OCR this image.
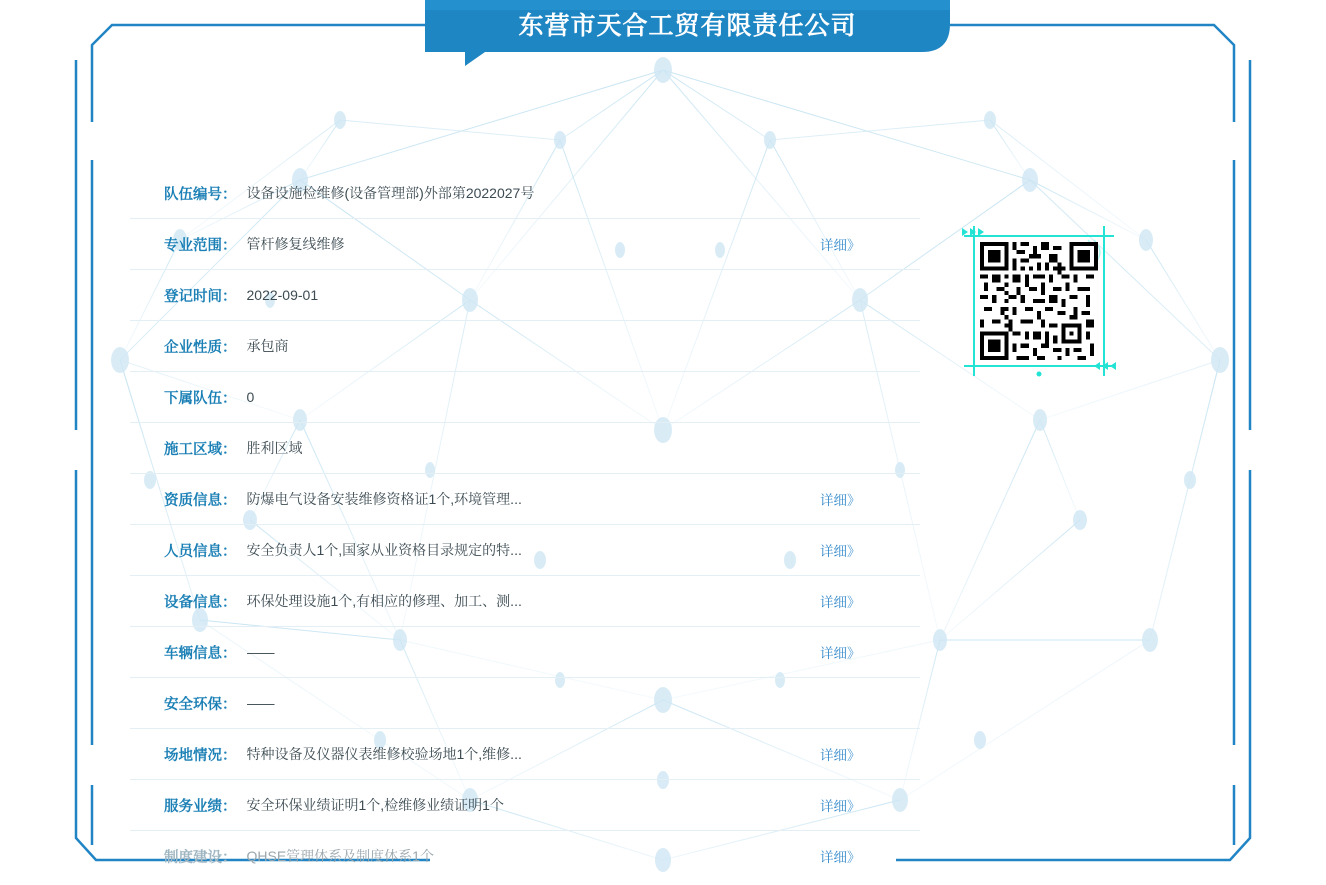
东营市天合工贸有限责任公司
队伍编号 ： 设备设施检维修(设备管理部)外部第2022027号
专业范围 ： 管杆修复线维修	详细》
登记时间 ： 2022-09-01
企业性质 ： 承包商
下属队伍 ： 0
施工区域 ： 胜利区域
资质信息 ： 防爆电气设备安装维修资格证1个,环境管理...	详细》
人员信息 ： 安全负责人1个,国家从业资格目录规定的特...	详细》
设备信息 ： 环保处理设施1个,有相应的修理、加工、测...	详细》
车辆信息 ： ——	详细》
安全环保 ： ——
场地情况 ： 特种设备及仪器仪表维修校验场地1个,维修...	详细》
服务业绩 ： 安全环保业绩证明1个,检维修业绩证明1个	详细》
制度建设 ： QHSE管理体系及制度体系1个	详细》
